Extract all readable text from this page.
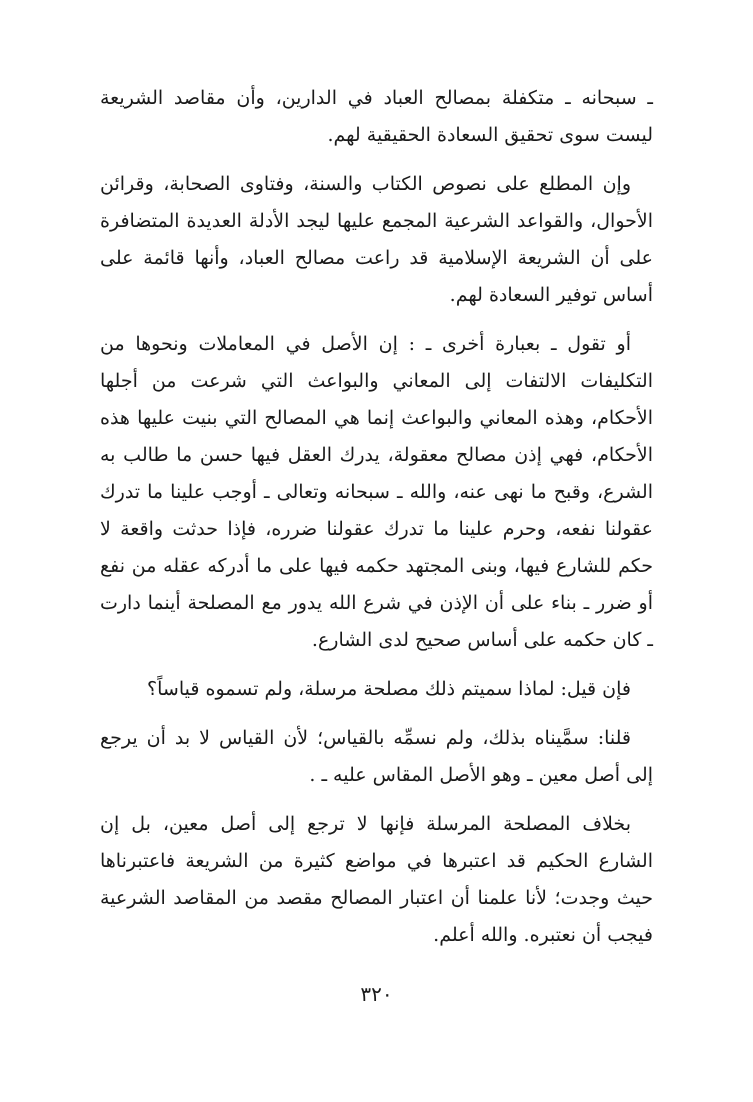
ـ سبحانه ـ متكفلة بمصالح العباد في الدارين، وأن مقاصد الشريعة ليست سوى تحقيق السعادة الحقيقية لهم.

وإن المطلع على نصوص الكتاب والسنة، وفتاوى الصحابة، وقرائن الأحوال، والقواعد الشرعية المجمع عليها ليجد الأدلة العديدة المتضافرة على أن الشريعة الإسلامية قد راعت مصالح العباد، وأنها قائمة على أساس توفير السعادة لهم.

أو تقول ـ بعبارة أخرى ـ : إن الأصل في المعاملات ونحوها من التكليفات الالتفات إلى المعاني والبواعث التي شرعت من أجلها الأحكام، وهذه المعاني والبواعث إنما هي المصالح التي بنيت عليها هذه الأحكام، فهي إذن مصالح معقولة، يدرك العقل فيها حسن ما طالب به الشرع، وقبح ما نهى عنه، والله ـ سبحانه وتعالى ـ أوجب علينا ما تدرك عقولنا نفعه، وحرم علينا ما تدرك عقولنا ضرره، فإذا حدثت واقعة لا حكم للشارع فيها، وبنى المجتهد حكمه فيها على ما أدركه عقله من نفع أو ضرر ـ بناء على أن الإذن في شرع الله يدور مع المصلحة أينما دارت ـ كان حكمه على أساس صحيح لدى الشارع.

فإن قيل: لماذا سميتم ذلك مصلحة مرسلة، ولم تسموه قياساً؟

قلنا: سمَّيناه بذلك، ولم نسمِّه بالقياس؛ لأن القياس لا بد أن يرجع إلى أصل معين ـ وهو الأصل المقاس عليه ـ .

بخلاف المصلحة المرسلة فإنها لا ترجع إلى أصل معين، بل إن الشارع الحكيم قد اعتبرها في مواضع كثيرة من الشريعة فاعتبرناها حيث وجدت؛ لأنا علمنا أن اعتبار المصالح مقصد من المقاصد الشرعية فيجب أن نعتبره. والله أعلم.

٣٢٠
